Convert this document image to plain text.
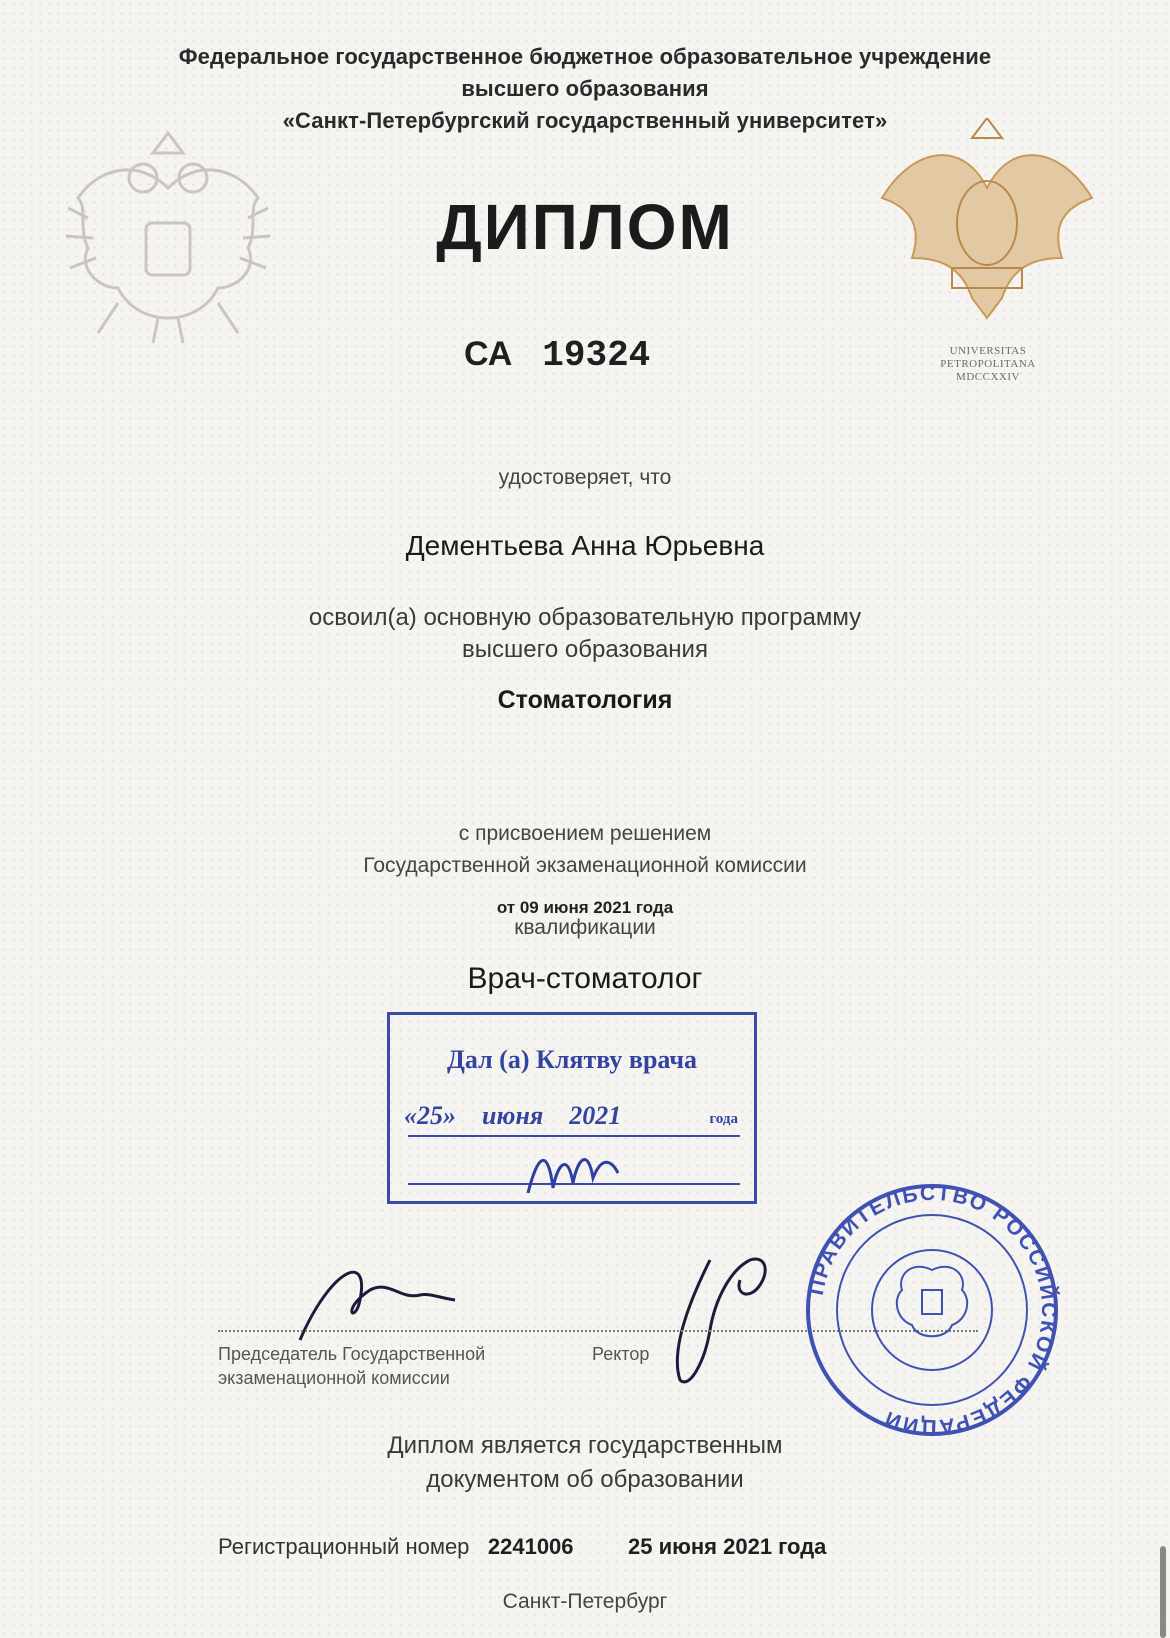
Федеральное государственное бюджетное образовательное учреждение
высшего образования
«Санкт-Петербургский государственный университет»
UNIVERSITAS
PETROPOLITANA
MDCCXXIV
ДИПЛОМ
СА 19324
удостоверяет, что
Дементьева Анна Юрьевна
освоил(а) основную образовательную программу
высшего образования
Стоматология
с присвоением решением
Государственной экзаменационной комиссии
от 09 июня 2021 года
квалификации
Врач-стоматолог
Дал (а) Клятву врача
«25»    июня 2021	года
Председатель Государственной
экзаменационной комиссии
Ректор
ПРАВИТЕЛЬСТВО РОССИЙСКОЙ ФЕДЕРАЦИИ
Диплом является государственным
документом об образовании
Регистрационный номер 2241006 25 июня 2021 года
Санкт-Петербург
